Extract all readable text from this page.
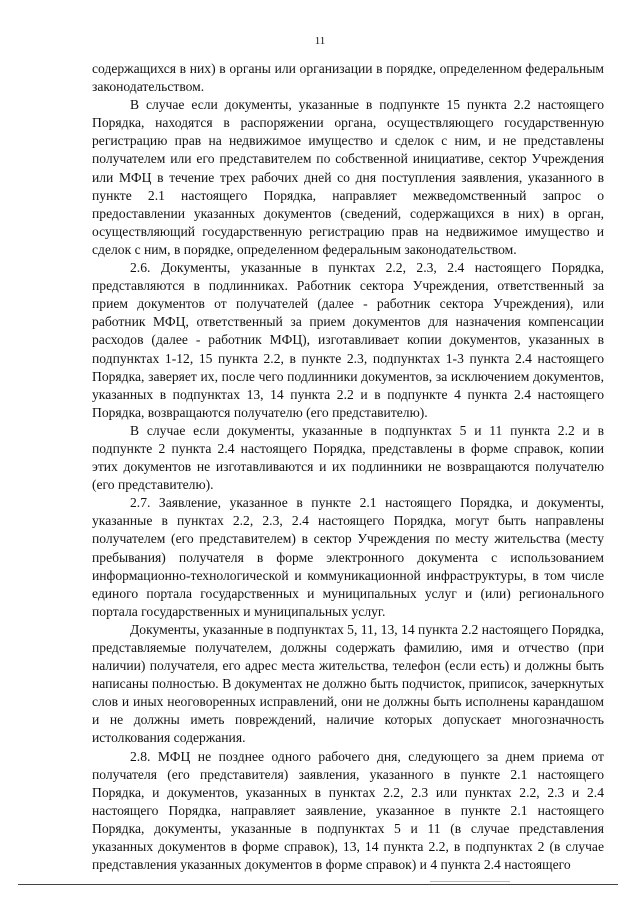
11

содержащихся в них) в органы или организации в порядке, определенном федеральным законодательством.

В случае если документы, указанные в подпункте 15 пункта 2.2 настоящего Порядка, находятся в распоряжении органа, осуществляющего государственную регистрацию прав на недвижимое имущество и сделок с ним, и не представлены получателем или его представителем по собственной инициативе, сектор Учреждения или МФЦ в течение трех рабочих дней со дня поступления заявления, указанного в пункте 2.1 настоящего Порядка, направляет межведомственный запрос о предоставлении указанных документов (сведений, содержащихся в них) в орган, осуществляющий государственную регистрацию прав на недвижимое имущество и сделок с ним, в порядке, определенном федеральным законодательством.

2.6. Документы, указанные в пунктах 2.2, 2.3, 2.4 настоящего Порядка, представляются в подлинниках. Работник сектора Учреждения, ответственный за прием документов от получателей (далее - работник сектора Учреждения), или работник МФЦ, ответственный за прием документов для назначения компенсации расходов (далее - работник МФЦ), изготавливает копии документов, указанных в подпунктах 1-12, 15 пункта 2.2, в пункте 2.3, подпунктах 1-3 пункта 2.4 настоящего Порядка, заверяет их, после чего подлинники документов, за исключением документов, указанных в подпунктах 13, 14 пункта 2.2 и в подпункте 4 пункта 2.4 настоящего Порядка, возвращаются получателю (его представителю).

В случае если документы, указанные в подпунктах 5 и 11 пункта 2.2 и в подпункте 2 пункта 2.4 настоящего Порядка, представлены в форме справок, копии этих документов не изготавливаются и их подлинники не возвращаются получателю (его представителю).

2.7. Заявление, указанное в пункте 2.1 настоящего Порядка, и документы, указанные в пунктах 2.2, 2.3, 2.4 настоящего Порядка, могут быть направлены получателем (его представителем) в сектор Учреждения по месту жительства (месту пребывания) получателя в форме электронного документа с использованием информационно-технологической и коммуникационной инфраструктуры, в том числе единого портала государственных и муниципальных услуг и (или) регионального портала государственных и муниципальных услуг.

Документы, указанные в подпунктах 5, 11, 13, 14 пункта 2.2 настоящего Порядка, представляемые получателем, должны содержать фамилию, имя и отчество (при наличии) получателя, его адрес места жительства, телефон (если есть) и должны быть написаны полностью. В документах не должно быть подчисток, приписок, зачеркнутых слов и иных неоговоренных исправлений, они не должны быть исполнены карандашом и не должны иметь повреждений, наличие которых допускает многозначность истолкования содержания.

2.8. МФЦ не позднее одного рабочего дня, следующего за днем приема от получателя (его представителя) заявления, указанного в пункте 2.1 настоящего Порядка, и документов, указанных в пунктах 2.2, 2.3 или пунктах 2.2, 2.3 и 2.4 настоящего Порядка, направляет заявление, указанное в пункте 2.1 настоящего Порядка, документы, указанные в подпунктах 5 и 11 (в случае представления указанных документов в форме справок), 13, 14 пункта 2.2, в подпунктах 2 (в случае представления указанных документов в форме справок) и 4 пункта 2.4 настоящего
